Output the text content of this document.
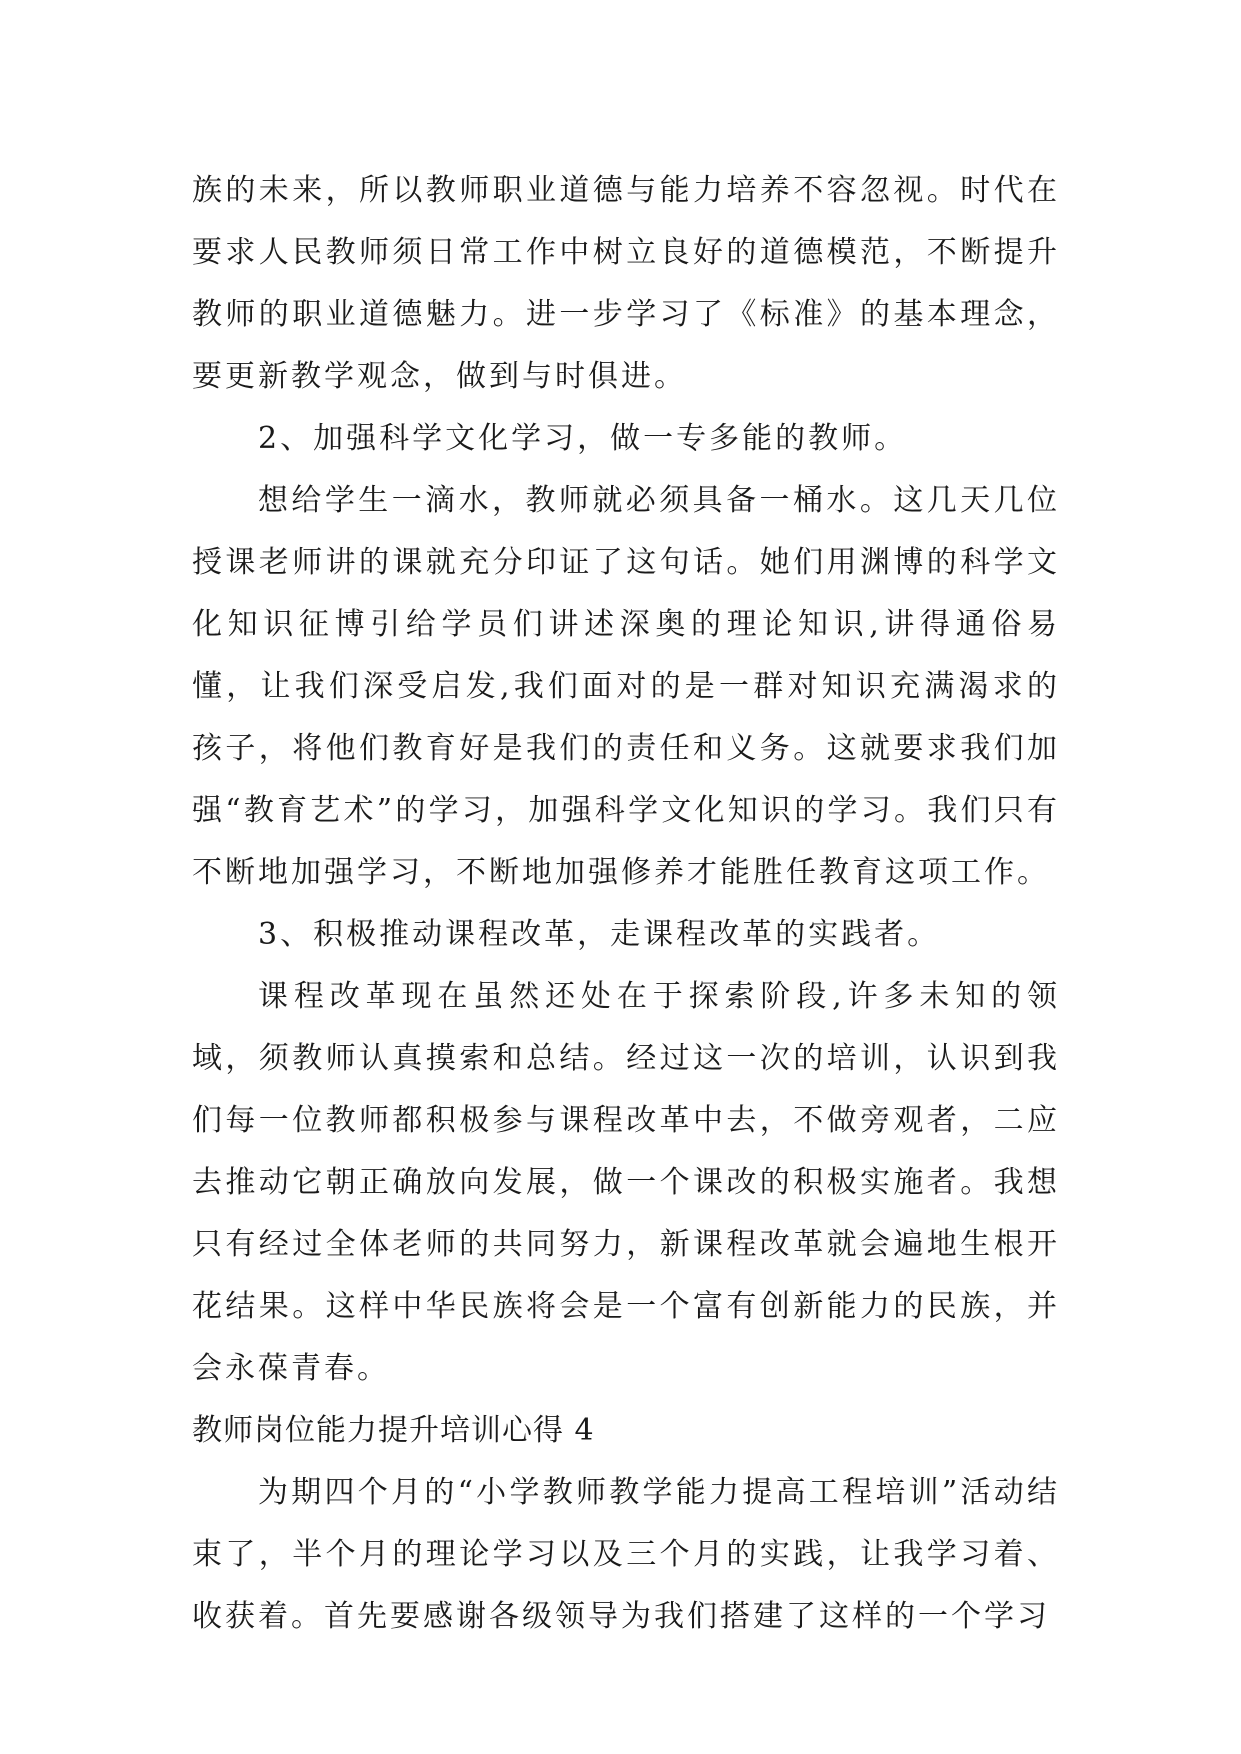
族的未来，所以教师职业道德与能力培养不容忽视。时代在要求人民教师须日常工作中树立良好的道德模范，不断提升教师的职业道德魅力。进一步学习了《标准》的基本理念，要更新教学观念，做到与时俱进。

2、加强科学文化学习，做一专多能的教师。

想给学生一滴水，教师就必须具备一桶水。这几天几位授课老师讲的课就充分印证了这句话。她们用渊博的科学文化知识征博引给学员们讲述深奥的理论知识,讲得通俗易懂，让我们深受启发,我们面对的是一群对知识充满渴求的孩子，将他们教育好是我们的责任和义务。这就要求我们加强“教育艺术”的学习，加强科学文化知识的学习。我们只有不断地加强学习，不断地加强修养才能胜任教育这项工作。

3、积极推动课程改革，走课程改革的实践者。

课程改革现在虽然还处在于探索阶段,许多未知的领域，须教师认真摸索和总结。经过这一次的培训，认识到我们每一位教师都积极参与课程改革中去，不做旁观者，二应去推动它朝正确放向发展，做一个课改的积极实施者。我想只有经过全体老师的共同努力，新课程改革就会遍地生根开花结果。这样中华民族将会是一个富有创新能力的民族，并会永葆青春。

教师岗位能力提升培训心得 4

为期四个月的“小学教师教学能力提高工程培训”活动结束了，半个月的理论学习以及三个月的实践，让我学习着、收获着。首先要感谢各级领导为我们搭建了这样的一个学习
